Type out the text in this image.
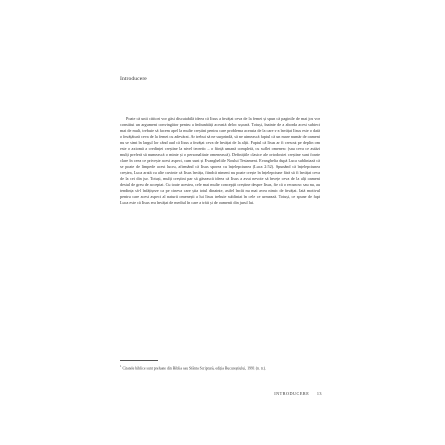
Introducere

Poate că unii cititori vor găsi discutabilă ideea că Iisus a învățat ceva de la femei și spun că paginile de mai jos vor constitui un argument convingător pentru a îmbunătăți această deloc ușoară. Totuși, înainte de a aborda acest subiect mai de mult, trebuie să facem apel la multe creștini pentru care problema aceasta de la care s-a învățat Iisus este o dată o învățătură ceva de la femei cu adevărat. Ar trebui să ne surprindă, să ne uimească faptul că un mare număr de oameni nu se simt în largul lor când aud că Iisus a învățat ceva de învățat de la alții. Faptul că Iisus ar fi crescut pe deplin om este o axiomă a credinței creștine la nivel teoretic – o ființă umană completă, cu suflet omenesc (sau ceva ce astăzi mulți preferă să numească o minte și o personalitate omenească). Definițiile clasice ale ortodoxiei creștine sunt foarte clare în ceea ce privește acest aspect, cum sunt și Evangheliile Noului Testament. Evanghelia după Luca subliniază că se poate de limpede acest lucru, afirmând că Iisus sporea cu înțelepciunea (Luca 2:52). Spunând că înțelepciunea creștea, Luca arată cu alte cuvinte că Iisus învăța, fiindcă nimeni nu poate crește în înțelepciune fără să fi învățat ceva de la cei din jur. Totuși, mulți creștini par să găsească ideea că Iisus a avut nevoie să învețe ceva de la alți oameni destul de greu de acceptat. Cu toate acestea, cele mai multe concepții creștine despre Iisus, fie că o recunosc sau nu, au tendința să-l înfățișeze ca pe cineva care știa totul dinainte, astfel încât nu mai avea nimic de învățat. Iată motivul pentru care acest aspect al naturii omenești a lui Iisus trebuie subliniat în cele ce urmează. Totuși, ce spune de fapt Luca este că Iisus era învățat de mediul în care a trăit și de oamenii din jurul lui.

$^1$ Citatele biblice sunt preluate din Biblia sau Sfânta Scriptură, ediția Bucureștiului, 1991 (n. tr.).
INTRODUCERE 13
